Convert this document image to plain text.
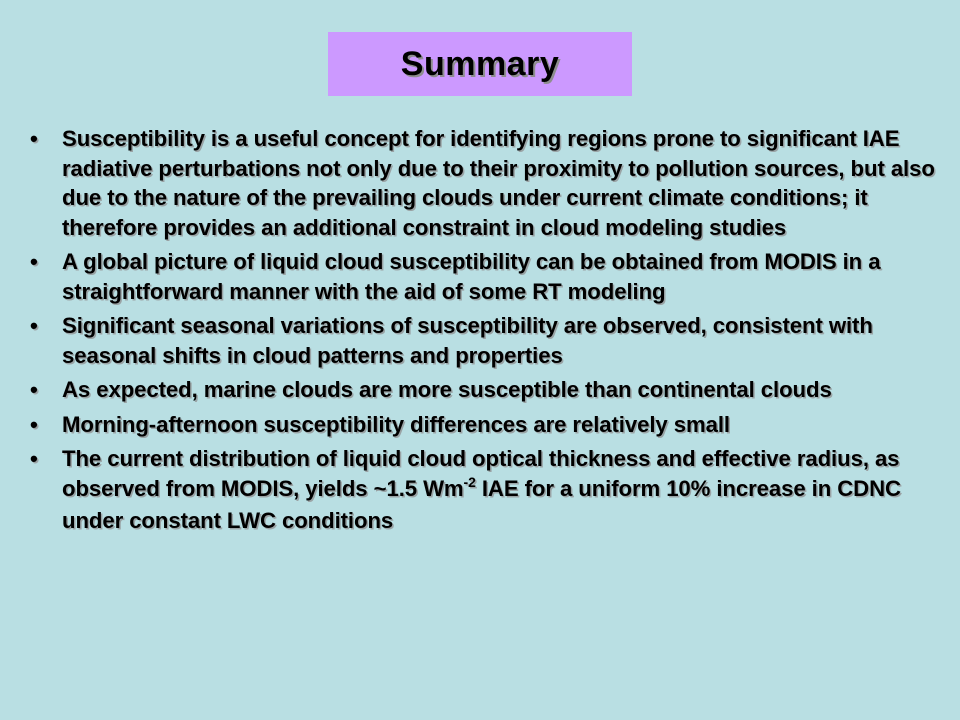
Summary
• Susceptibility is a useful concept for identifying regions prone to significant IAE radiative perturbations not only due to their proximity to pollution sources, but also due to the nature of the prevailing clouds under current climate conditions; it therefore provides an additional constraint in cloud modeling studies
• A global picture of liquid cloud susceptibility can be obtained from MODIS in a straightforward manner with the aid of some RT modeling
• Significant seasonal variations of susceptibility are observed, consistent with seasonal shifts in cloud patterns and properties
• As expected, marine clouds are more susceptible than continental clouds
• Morning-afternoon susceptibility differences are relatively small
• The current distribution of liquid cloud optical thickness and effective radius, as observed from MODIS, yields ~1.5 $Wm^{-2}$ IAE for a uniform 10% increase in CDNC under constant LWC conditions
